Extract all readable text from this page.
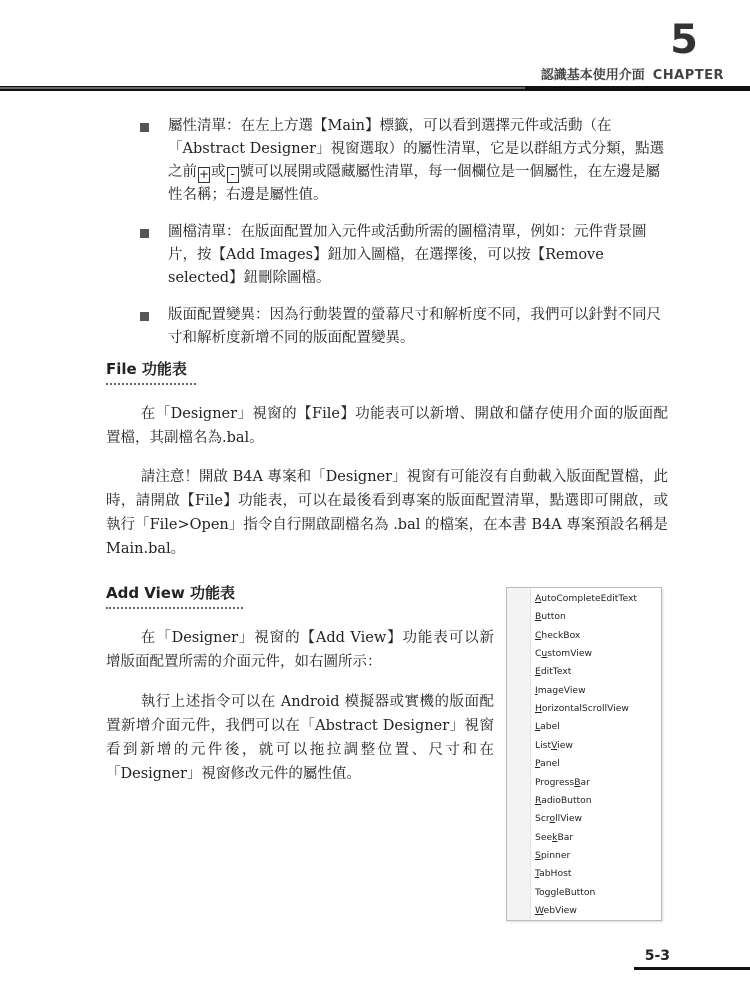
5
認識基本使用介面 CHAPTER
屬性清單：在左上方選【Main】標籤，可以看到選擇元件或活動（在「Abstract Designer」視窗選取）的屬性清單，它是以群組方式分類，點選之前 + 或 - 號可以展開或隱藏屬性清單，每一個欄位是一個屬性，在左邊是屬性名稱；右邊是屬性值。
圖檔清單：在版面配置加入元件或活動所需的圖檔清單，例如：元件背景圖片，按【Add Images】鈕加入圖檔，在選擇後，可以按【Remove selected】鈕刪除圖檔。
版面配置變異：因為行動裝置的螢幕尺寸和解析度不同，我們可以針對不同尺寸和解析度新增不同的版面配置變異。
File 功能表
在「Designer」視窗的【File】功能表可以新增、開啟和儲存使用介面的版面配置檔，其副檔名為.bal。
請注意！開啟 B4A 專案和「Designer」視窗有可能沒有自動載入版面配置檔，此時，請開啟【File】功能表，可以在最後看到專案的版面配置清單，點選即可開啟，或執行「File>Open」指令自行開啟副檔名為 .bal 的檔案，在本書 B4A 專案預設名稱是 Main.bal。
Add View 功能表
在「Designer」視窗的【Add View】功能表可以新增版面配置所需的介面元件，如右圖所示：
執行上述指令可以在 Android 模擬器或實機的版面配置新增介面元件，我們可以在「Abstract Designer」視窗看到新增的元件後，就可以拖拉調整位置、尺寸和在「Designer」視窗修改元件的屬性值。
AutoCompleteEditText
Button
CheckBox
CustomView
EditText
ImageView
HorizontalScrollView
Label
ListView
Panel
ProgressBar
RadioButton
ScrollView
SeekBar
Spinner
TabHost
ToggleButton
WebView
5-3
